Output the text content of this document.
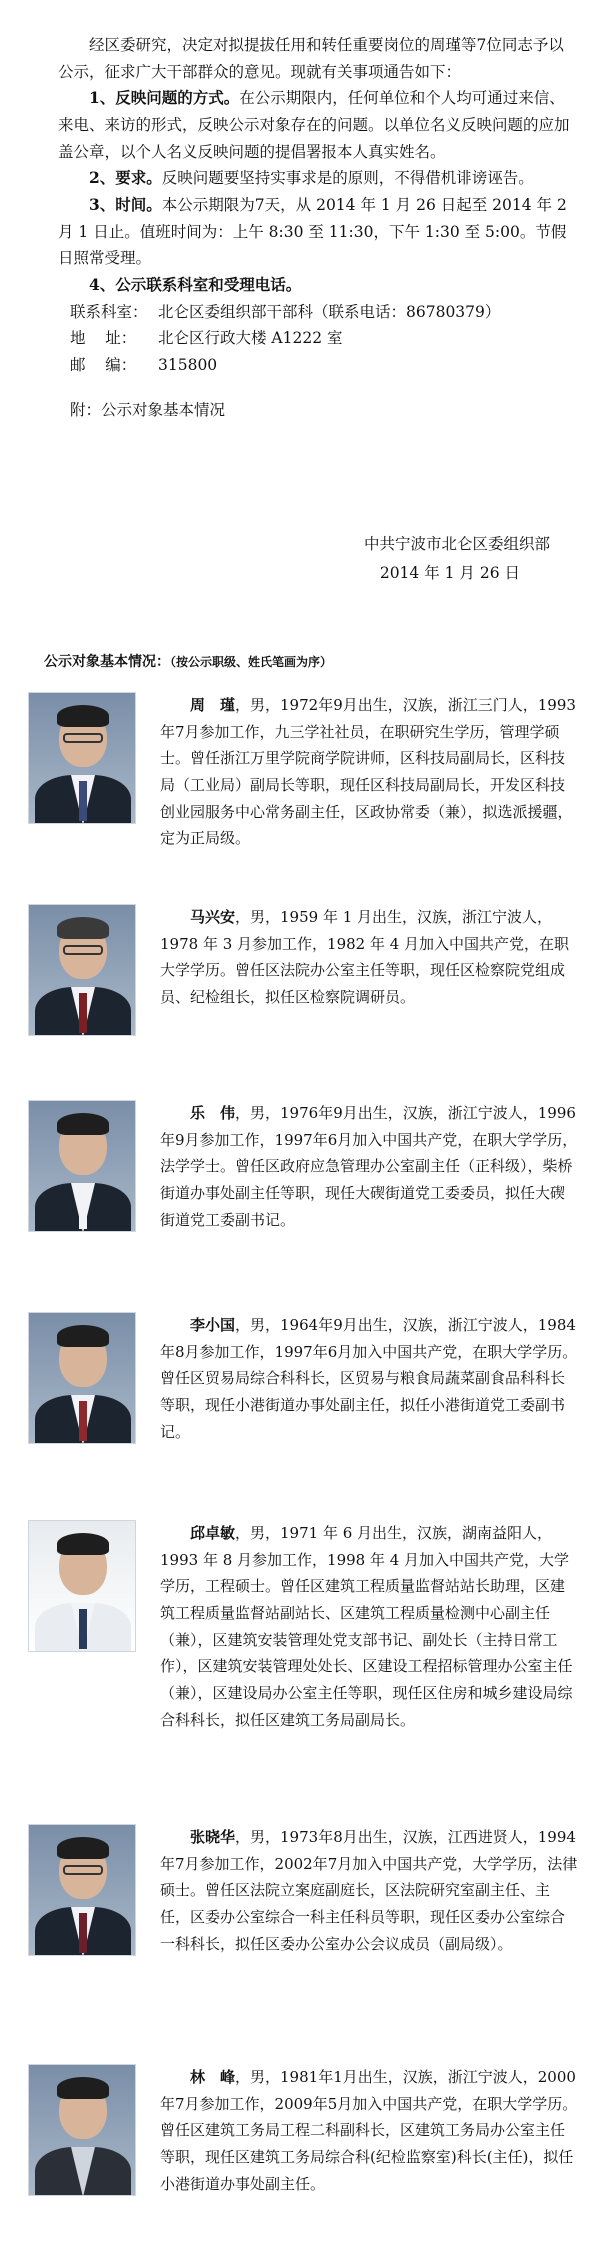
经区委研究，决定对拟提拔任用和转任重要岗位的周瑾等7位同志予以公示，征求广大干部群众的意见。现就有关事项通告如下：

1、反映问题的方式。在公示期限内，任何单位和个人均可通过来信、来电、来访的形式，反映公示对象存在的问题。以单位名义反映问题的应加盖公章，以个人名义反映问题的提倡署报本人真实姓名。

2、要求。反映问题要坚持实事求是的原则，不得借机诽谤诬告。

3、时间。本公示期限为7天，从 2014 年 1 月 26 日起至 2014 年 2 月 1 日止。值班时间为：上午 8:30 至 11:30，下午 1:30 至 5:00。节假日照常受理。

4、公示联系科室和受理电话。

联系科室： 北仑区委组织部干部科（联系电话：86780379）
地    址：	北仑区行政大楼 A1222 室
邮    编：	315800

附：公示对象基本情况

中共宁波市北仑区委组织部
2014 年 1 月 26 日
公示对象基本情况：（按公示职级、姓氏笔画为序）

周　瑾，男，1972年9月出生，汉族，浙江三门人，1993年7月参加工作，九三学社社员，在职研究生学历，管理学硕士。曾任浙江万里学院商学院讲师，区科技局副局长，区科技局（工业局）副局长等职，现任区科技局副局长，开发区科技创业园服务中心常务副主任，区政协常委（兼），拟选派援疆，定为正局级。

马兴安，男，1959 年 1 月出生，汉族，浙江宁波人，1978 年 3 月参加工作，1982 年 4 月加入中国共产党，在职大学学历。曾任区法院办公室主任等职，现任区检察院党组成员、纪检组长，拟任区检察院调研员。

乐　伟，男，1976年9月出生，汉族，浙江宁波人，1996年9月参加工作，1997年6月加入中国共产党，在职大学学历，法学学士。曾任区政府应急管理办公室副主任（正科级），柴桥街道办事处副主任等职，现任大碶街道党工委委员，拟任大碶街道党工委副书记。

李小国，男，1964年9月出生，汉族，浙江宁波人，1984年8月参加工作，1997年6月加入中国共产党，在职大学学历。曾任区贸易局综合科科长，区贸易与粮食局蔬菜副食品科科长等职，现任小港街道办事处副主任，拟任小港街道党工委副书记。

邱卓敏，男，1971 年 6 月出生，汉族，湖南益阳人，1993 年 8 月参加工作，1998 年 4 月加入中国共产党，大学学历，工程硕士。曾任区建筑工程质量监督站站长助理，区建筑工程质量监督站副站长、区建筑工程质量检测中心副主任（兼），区建筑安装管理处党支部书记、副处长（主持日常工作），区建筑安装管理处处长、区建设工程招标管理办公室主任（兼），区建设局办公室主任等职，现任区住房和城乡建设局综合科科长，拟任区建筑工务局副局长。

张晓华，男，1973年8月出生，汉族，江西进贤人，1994年7月参加工作，2002年7月加入中国共产党，大学学历，法律硕士。曾任区法院立案庭副庭长，区法院研究室副主任、主任，区委办公室综合一科主任科员等职，现任区委办公室综合一科科长，拟任区委办公室办公会议成员（副局级）。

林　峰，男，1981年1月出生，汉族，浙江宁波人，2000年7月参加工作，2009年5月加入中国共产党，在职大学学历。曾任区建筑工务局工程二科副科长，区建筑工务局办公室主任等职，现任区建筑工务局综合科(纪检监察室)科长(主任)，拟任小港街道办事处副主任。
